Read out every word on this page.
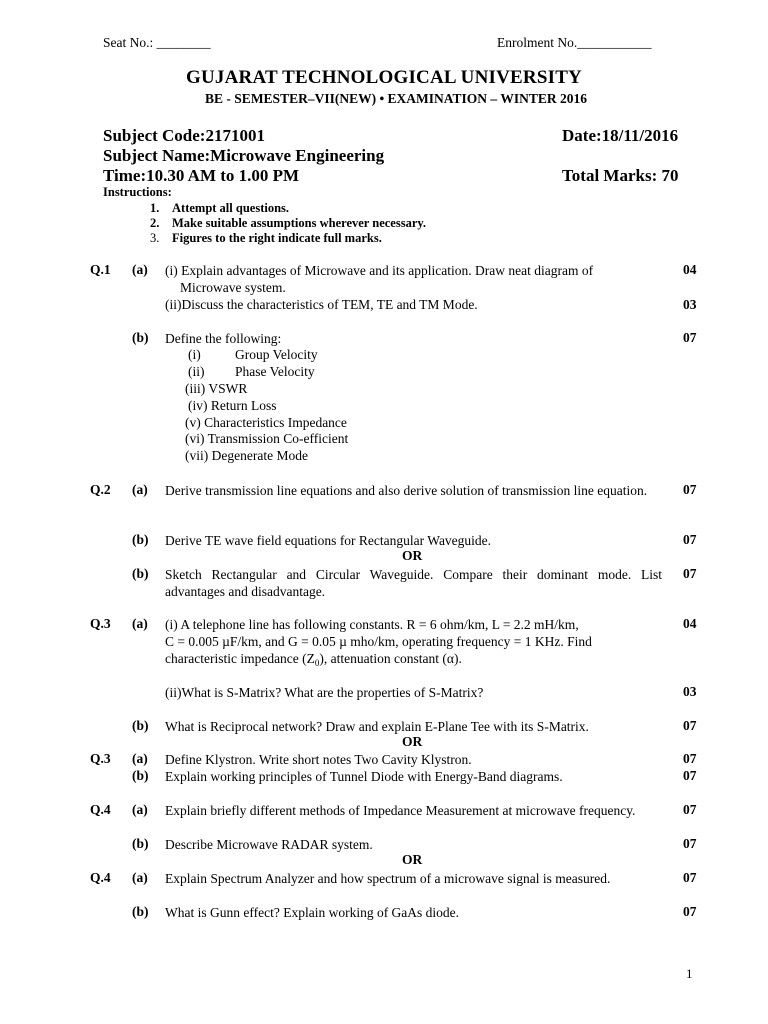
Seat No.: ________	Enrolment No.___________
GUJARAT TECHNOLOGICAL UNIVERSITY
BE - SEMESTER–VII(NEW) • EXAMINATION – WINTER 2016
Subject Code:2171001	Date:18/11/2016
Subject Name:Microwave Engineering
Time:10.30 AM to 1.00 PM	Total Marks: 70
Instructions:
1. Attempt all questions.
2. Make suitable assumptions wherever necessary.
3. Figures to the right indicate full marks.
Q.1 (a) (i) Explain advantages of Microwave and its application. Draw neat diagram of
Microwave system.
04
(ii)Discuss the characteristics of TEM, TE and TM Mode.	03
(b) Define the following:	07
(i)	Group Velocity
(ii) Phase Velocity
(iii) VSWR
(iv) Return Loss
(v) Characteristics Impedance
(vi) Transmission Co-efficient
(vii) Degenerate Mode
Q.2 (a) Derive transmission line equations and also derive solution of transmission line equation.	07
(b) Derive TE wave field equations for Rectangular Waveguide.	07
OR
(b) Sketch Rectangular and Circular Waveguide. Compare their dominant mode. List advantages and disadvantage.
07
Q.3 (a) (i) A telephone line has following constants. R = 6 ohm/km, L = 2.2 mH/km,
C = 0.005 µF/km, and G = 0.05 µ mho/km, operating frequency = 1 KHz. Find
characteristic impedance $(Z_0)$, attenuation constant (α).
04
(ii)What is S-Matrix? What are the properties of S-Matrix?	03
(b) What is Reciprocal network? Draw and explain E-Plane Tee with its S-Matrix.	07
OR
Q.3 (a) Define Klystron. Write short notes Two Cavity Klystron.	07
(b) Explain working principles of Tunnel Diode with Energy-Band diagrams.	07
Q.4 (a) Explain briefly different methods of Impedance Measurement at microwave frequency.	07
(b) Describe Microwave RADAR system.	07
OR
Q.4 (a) Explain Spectrum Analyzer and how spectrum of a microwave signal is measured.	07
(b) What is Gunn effect? Explain working of GaAs diode.	07
1
